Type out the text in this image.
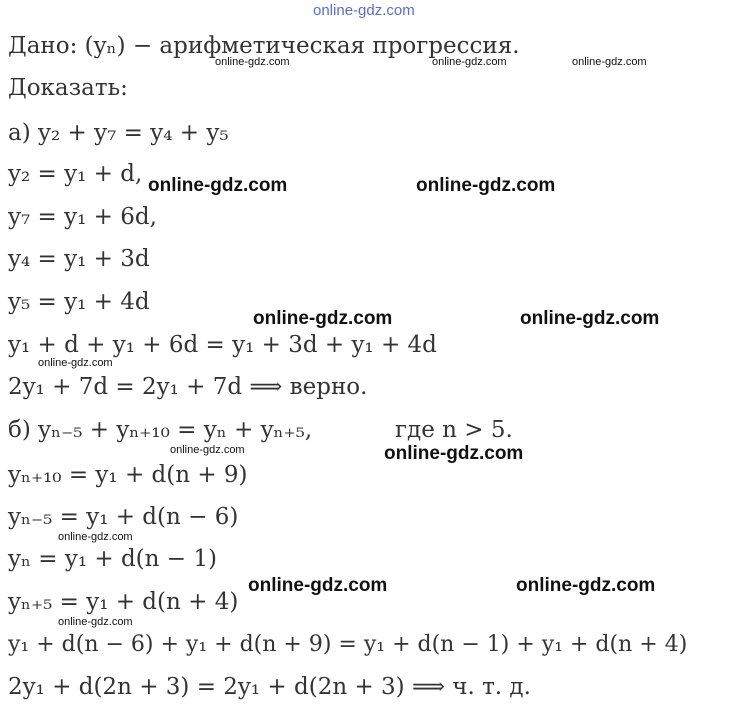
online-gdz.com

Дано: (yₙ) − арифметическая прогрессия.

Доказать:

а) y₂ + y₇ = y₄ + y₅

y₂ = y₁ + d,

y₇ = y₁ + 6d,

y₄ = y₁ + 3d

y₅ = y₁ + 4d

y₁ + d + y₁ + 6d = y₁ + 3d + y₁ + 4d

2y₁ + 7d = 2y₁ + 7d ⟹ верно.

б) yₙ₋₅ + yₙ₊₁₀ = yₙ + yₙ₊₅,	где n > 5.

yₙ₊₁₀ = y₁ + d(n + 9)

yₙ₋₅ = y₁ + d(n − 6)

yₙ = y₁ + d(n − 1)

yₙ₊₅ = y₁ + d(n + 4)

y₁ + d(n − 6) + y₁ + d(n + 9) = y₁ + d(n − 1) + y₁ + d(n + 4)

2y₁ + d(2n + 3) = 2y₁ + d(2n + 3) ⟹ ч. т. д.

online-gdz.com	online-gdz.com	online-gdz.com
online-gdz.com	online-gdz.com
online-gdz.com	online-gdz.com
online-gdz.com
online-gdz.com	online-gdz.com
online-gdz.com
online-gdz.com	online-gdz.com
online-gdz.com
